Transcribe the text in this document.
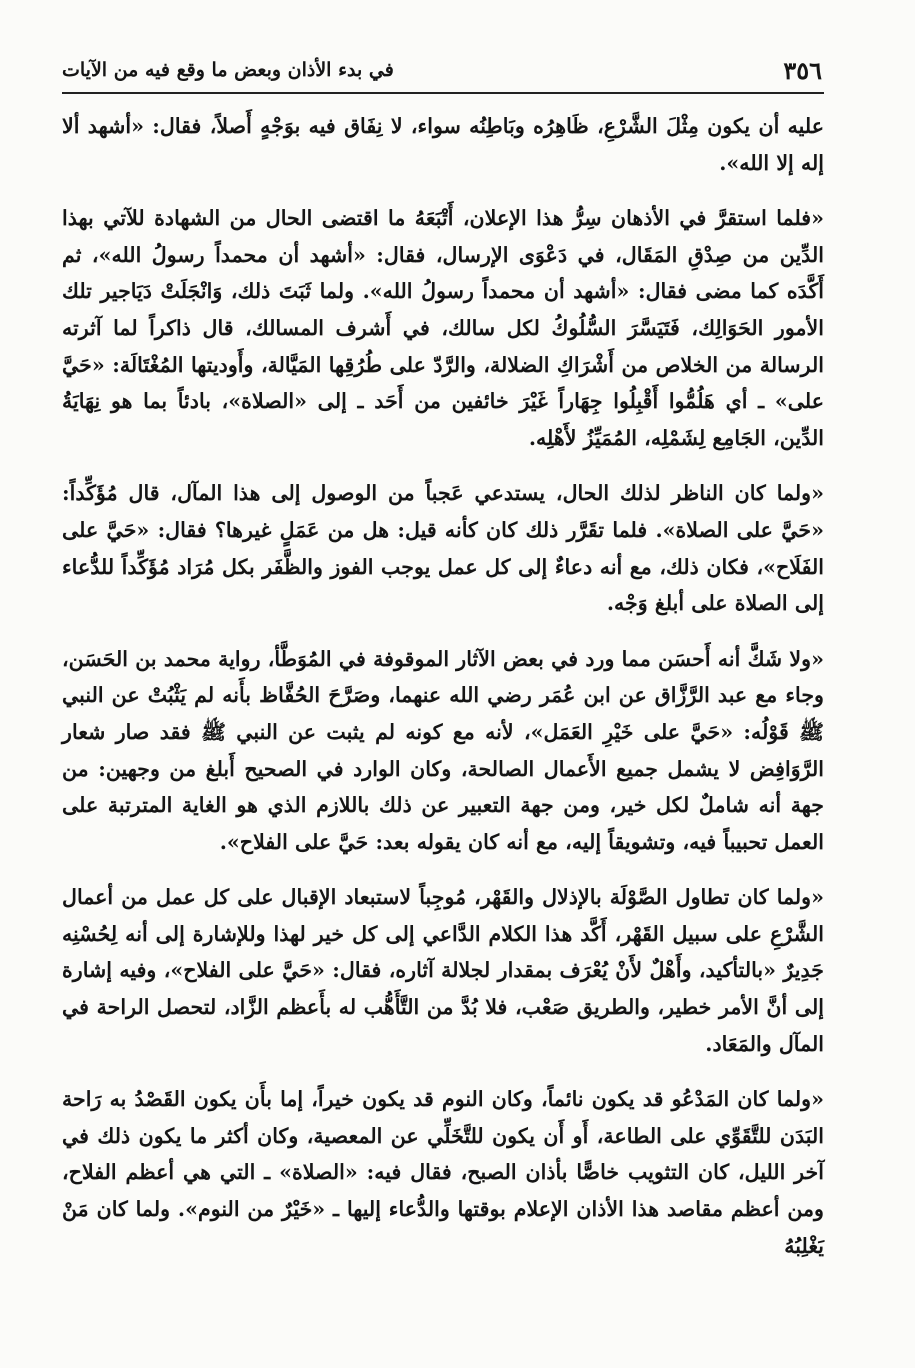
٣٥٦
في بدء الأذان وبعض ما وقع فيه من الآيات

عليه أن يكون مِثْلَ الشَّرْعِ، ظَاهِرُه وبَاطِنُه سواء، لا نِفَاق فيه بوَجْهٍ أَصلاً، فقال: «أشهد ألا إله إلا الله».

«فلما استقرَّ في الأذهان سِرُّ هذا الإعلان، أَتْبَعَهُ ما اقتضى الحال من الشهادة للآتي بهذا الدِّين من صِدْقِ المَقَال، في دَعْوَى الإرسال، فقال: «أشهد أن محمداً رسولُ الله»، ثم أَكَّدَه كما مضى فقال: «أشهد أن محمداً رسولُ الله». ولما ثَبَتَ ذلك، وَانْجَلَتْ دَيَاجير تلك الأمور الحَوَالِك، فَتَيَسَّرَ السُّلُوكُ لكل سالك، في أَشرف المسالك، قال ذاكراً لما آثرته الرسالة من الخلاص من أَشْرَاكِ الضلالة، والرَّدّ على طُرُقِها المَيَّالة، وأَوديتها المُغْتَالَة: «حَيَّ على» ـ أي هَلُمُّوا أَقْبِلُوا جِهَاراً غَيْرَ خائفين من أَحَد ـ إلى «الصلاة»، بادئاً بما هو نِهَايَةُ الدِّين، الجَامِع لِشَمْلِه، المُمَيِّزُ لأَهْلِه.

«ولما كان الناظر لذلك الحال، يستدعي عَجباً من الوصول إلى هذا المآل، قال مُؤَكِّداً: «حَيَّ على الصلاة». فلما تقَرَّر ذلك كان كأنه قيل: هل من عَمَلٍ غيرها؟ فقال: «حَيَّ على الفَلَاح»، فكان ذلك، مع أنه دعاءٌ إلى كل عمل يوجب الفوز والظَّفَر بكل مُرَاد مُؤَكِّداً للدُّعاء إلى الصلاة على أبلغ وَجْه.

«ولا شَكَّ أنه أَحسَن مما ورد في بعض الآثار الموقوفة في المُوَطَّأ، رواية محمد بن الحَسَن، وجاء مع عبد الرَّزَّاق عن ابن عُمَر رضي الله عنهما، وصَرَّحَ الحُفَّاظ بأَنه لم يَثْبُتْ عن النبي ﷺ قَوْلُه: «حَيَّ على خَيْرِ العَمَل»، لأنه مع كونه لم يثبت عن النبي ﷺ فقد صار شعار الرَّوَافِض لا يشمل جميع الأَعمال الصالحة، وكان الوارد في الصحيح أَبلغ من وجهين: من جهة أنه شاملٌ لكل خير، ومن جهة التعبير عن ذلك باللازم الذي هو الغاية المترتبة على العمل تحبيباً فيه، وتشويقاً إليه، مع أنه كان يقوله بعد: حَيَّ على الفلاح».

«ولما كان تطاول الصَّوْلَة بالإذلال والقَهْر، مُوجِباً لاستبعاد الإقبال على كل عمل من أعمال الشَّرْعِ على سبيل القَهْر، أَكَّد هذا الكلام الدَّاعي إلى كل خير لهذا وللإشارة إلى أنه لِحُسْنِه جَدِيرٌ «بالتأكيد، وأَهْلٌ لأَنْ يُعْرَف بمقدار لجلالة آثاره، فقال: «حَيَّ على الفلاح»، وفيه إشارة إلى أنَّ الأمر خطير، والطريق صَعْب، فلا بُدَّ من التَّأَهُّب له بأَعظم الزَّاد، لتحصل الراحة في المآل والمَعَاد.

«ولما كان المَدْعُو قد يكون نائماً، وكان النوم قد يكون خيراً، إما بأَن يكون القَصْدُ به رَاحة البَدَن للتَّقَوِّي على الطاعة، أَو أَن يكون للتَّخَلِّي عن المعصية، وكان أكثر ما يكون ذلك في آخر الليل، كان التثويب خاصًّا بأذان الصبح، فقال فيه: «الصلاة» ـ التي هي أعظم الفلاح، ومن أعظم مقاصد هذا الأذان الإعلام بوقتها والدُّعاء إليها ـ «خَيْرٌ من النوم». ولما كان مَنْ يَغْلِبُهُ
